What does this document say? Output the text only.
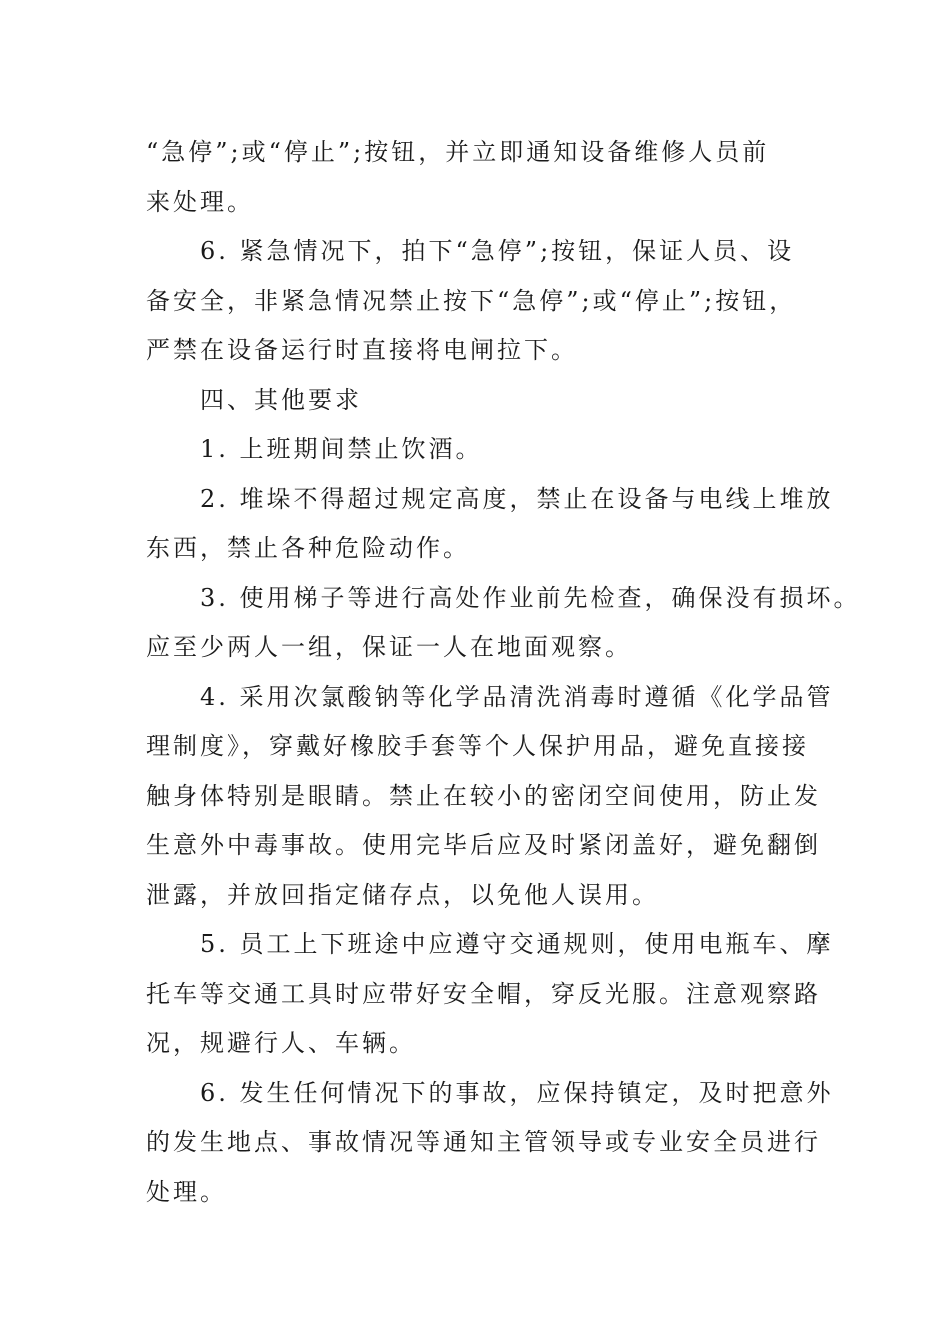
“急停”;或“停止”;按钮，并立即通知设备维修人员前
来处理。
6. 紧急情况下，拍下“急停”;按钮，保证人员、设
备安全，非紧急情况禁止按下“急停”;或“停止”;按钮，
严禁在设备运行时直接将电闸拉下。
四、其他要求
1. 上班期间禁止饮酒。
2. 堆垛不得超过规定高度，禁止在设备与电线上堆放
东西，禁止各种危险动作。
3. 使用梯子等进行高处作业前先检查，确保没有损坏。
应至少两人一组，保证一人在地面观察。
4. 采用次氯酸钠等化学品清洗消毒时遵循《化学品管
理制度》，穿戴好橡胶手套等个人保护用品，避免直接接
触身体特别是眼睛。禁止在较小的密闭空间使用，防止发
生意外中毒事故。使用完毕后应及时紧闭盖好，避免翻倒
泄露，并放回指定储存点，以免他人误用。
5. 员工上下班途中应遵守交通规则，使用电瓶车、摩
托车等交通工具时应带好安全帽，穿反光服。注意观察路
况，规避行人、车辆。
6. 发生任何情况下的事故，应保持镇定，及时把意外
的发生地点、事故情况等通知主管领导或专业安全员进行
处理。
